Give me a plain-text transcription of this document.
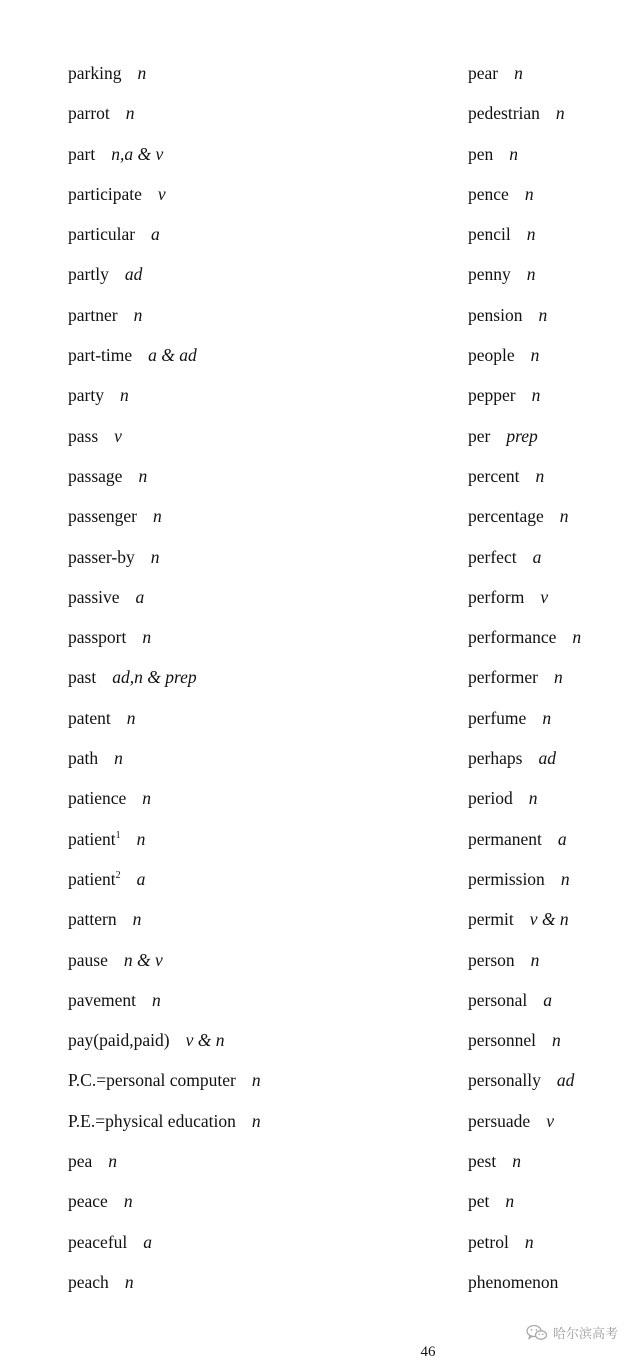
parking n
parrot n
part n,a & v
participate v
particular a
partly ad
partner n
part-time a & ad
party n
pass v
passage n
passenger n
passer-by n
passive a
passport n
past ad,n & prep
patent n
path n
patience n
patient$^1$ n
patient$^2$ a
pattern n
pause n & v
pavement n
pay(paid,paid) v & n
P.C.=personal computer n
P.E.=physical education n
pea n
peace n
peaceful a
peach n
pear n
pedestrian n
pen n
pence n
pencil n
penny n
pension n
people n
pepper n
per prep
percent n
percentage n
perfect a
perform v
performance n
performer n
perfume n
perhaps ad
period n
permanent a
permission n
permit v & n
person n
personal a
personnel n
personally ad
persuade v
pest n
pet n
petrol n
phenomenon
46
哈尔滨高考
